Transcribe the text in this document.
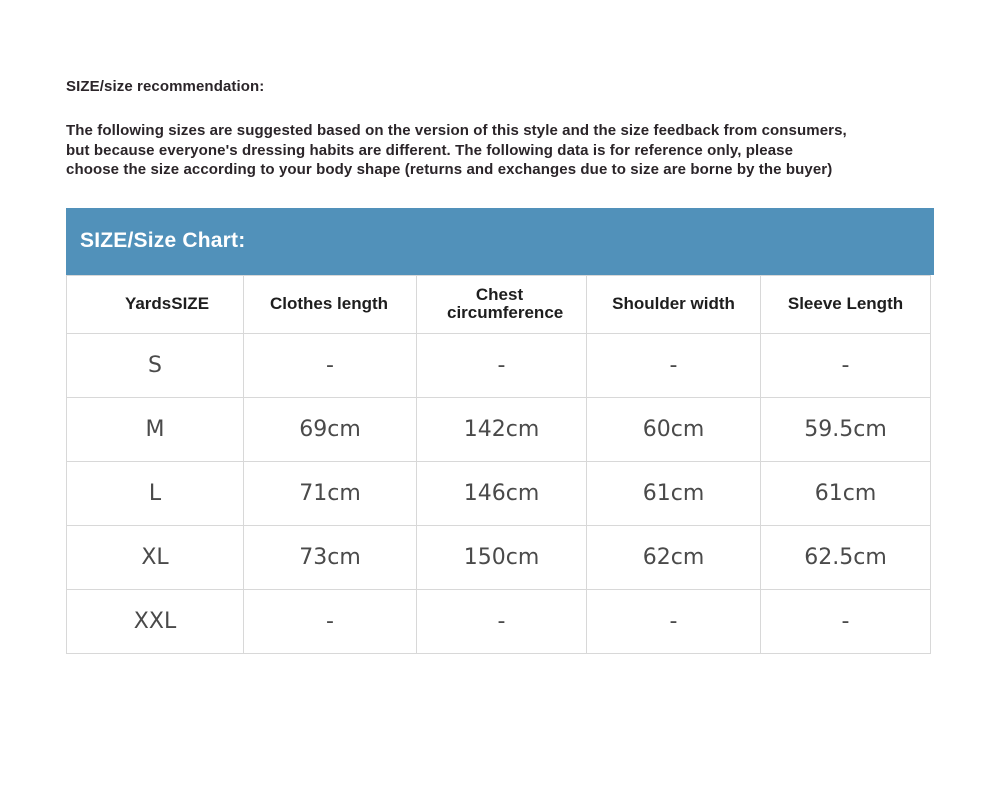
SIZE/size recommendation:
The following sizes are suggested based on the version of this style and the size feedback from consumers,
but because everyone's dressing habits are different. The following data is for reference only, please
choose the size according to your body shape (returns and exchanges due to size are borne by the buyer)
SIZE/Size Chart:
YardsSIZE	Clothes length	Chest circumference	Shoulder width	Sleeve Length
S	-	-	-	-
M	69cm	142cm	60cm	59.5cm
L	71cm	146cm	61cm	61cm
XL	73cm	150cm	62cm	62.5cm
XXL	-	-	-	-
